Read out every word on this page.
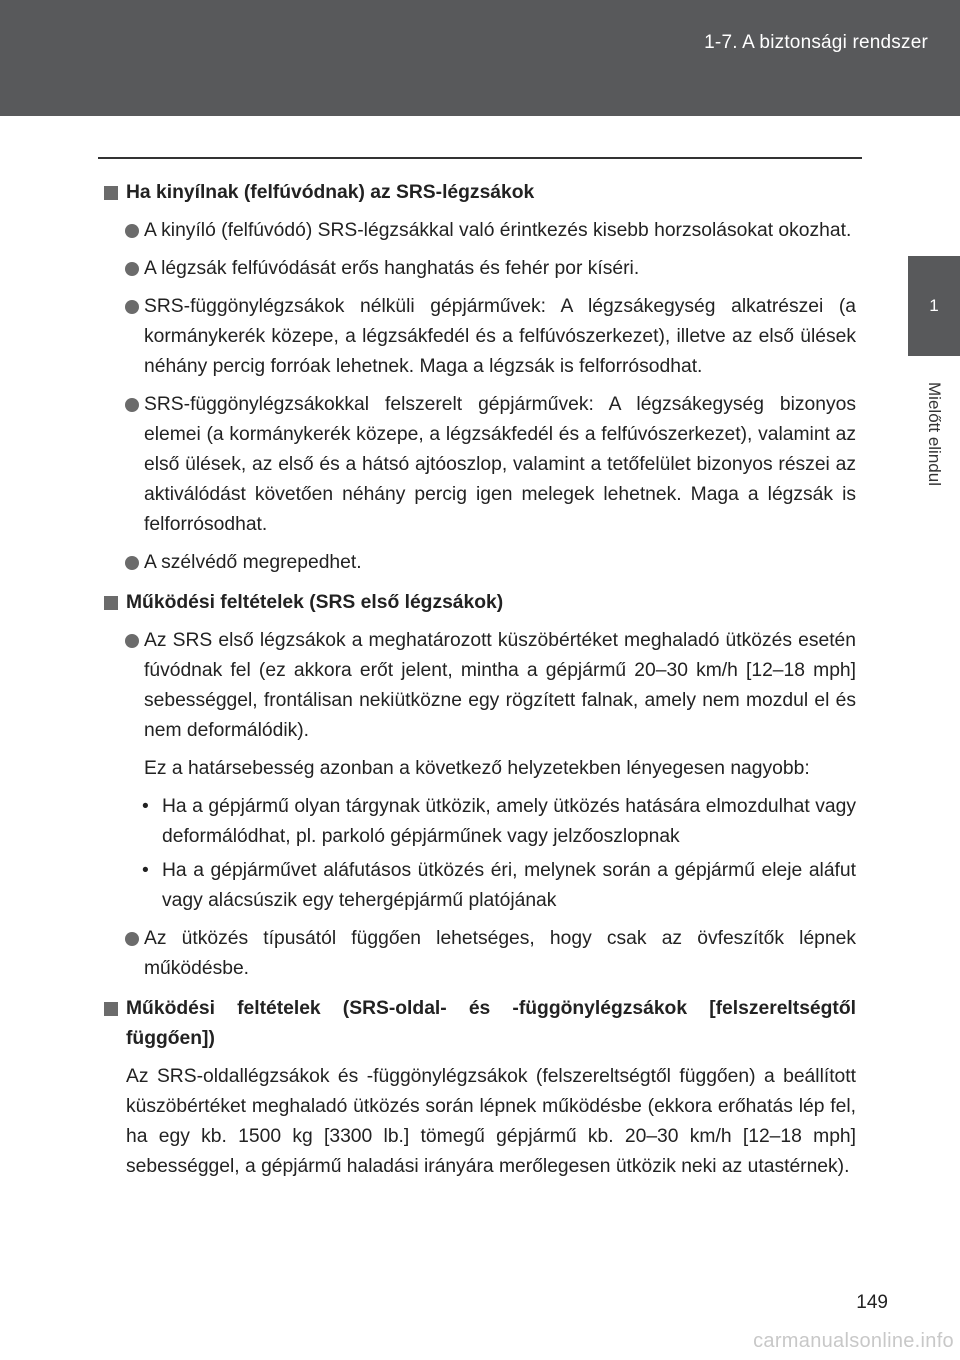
1-7. A biztonsági rendszer
1
Mielőtt elindul
Ha kinyílnak (felfúvódnak) az SRS-légzsákok
A kinyíló (felfúvódó) SRS-légzsákkal való érintkezés kisebb horzsolásokat okozhat.
A légzsák felfúvódását erős hanghatás és fehér por kíséri.
SRS-függönylégzsákok nélküli gépjárművek: A légzsákegység alkatrészei (a kormánykerék közepe, a légzsákfedél és a felfúvószerkezet), illetve az első ülések néhány percig forróak lehetnek. Maga a légzsák is felforrósodhat.
SRS-függönylégzsákokkal felszerelt gépjárművek: A légzsákegység bizonyos elemei (a kormánykerék közepe, a légzsákfedél és a felfúvószerkezet), valamint az első ülések, az első és a hátsó ajtóoszlop, valamint a tetőfelület bizonyos részei az aktiválódást követően néhány percig igen melegek lehetnek. Maga a légzsák is felforrósodhat.
A szélvédő megrepedhet.
Működési feltételek (SRS első légzsákok)
Az SRS első légzsákok a meghatározott küszöbértéket meghaladó ütközés esetén fúvódnak fel (ez akkora erőt jelent, mintha a gépjármű 20–30 km/h [12–18 mph] sebességgel, frontálisan nekiütközne egy rögzített falnak, amely nem mozdul el és nem deformálódik).
Ez a határsebesség azonban a következő helyzetekben lényegesen nagyobb:
• Ha a gépjármű olyan tárgynak ütközik, amely ütközés hatására elmozdulhat vagy deformálódhat, pl. parkoló gépjárműnek vagy jelzőoszlopnak
• Ha a gépjárművet aláfutásos ütközés éri, melynek során a gépjármű eleje aláfut vagy alácsúszik egy tehergépjármű platójának
Az ütközés típusától függően lehetséges, hogy csak az övfeszítők lépnek működésbe.
Működési feltételek (SRS-oldal- és -függönylégzsákok [felszereltségtől függően])
Az SRS-oldallégzsákok és -függönylégzsákok (felszereltségtől függően) a beállított küszöbértéket meghaladó ütközés során lépnek működésbe (ekkora erőhatás lép fel, ha egy kb. 1500 kg [3300 lb.] tömegű gépjármű kb. 20–30 km/h [12–18 mph] sebességgel, a gépjármű haladási irányára merőlegesen ütközik neki az utastérnek).
149
carmanualsonline.info
